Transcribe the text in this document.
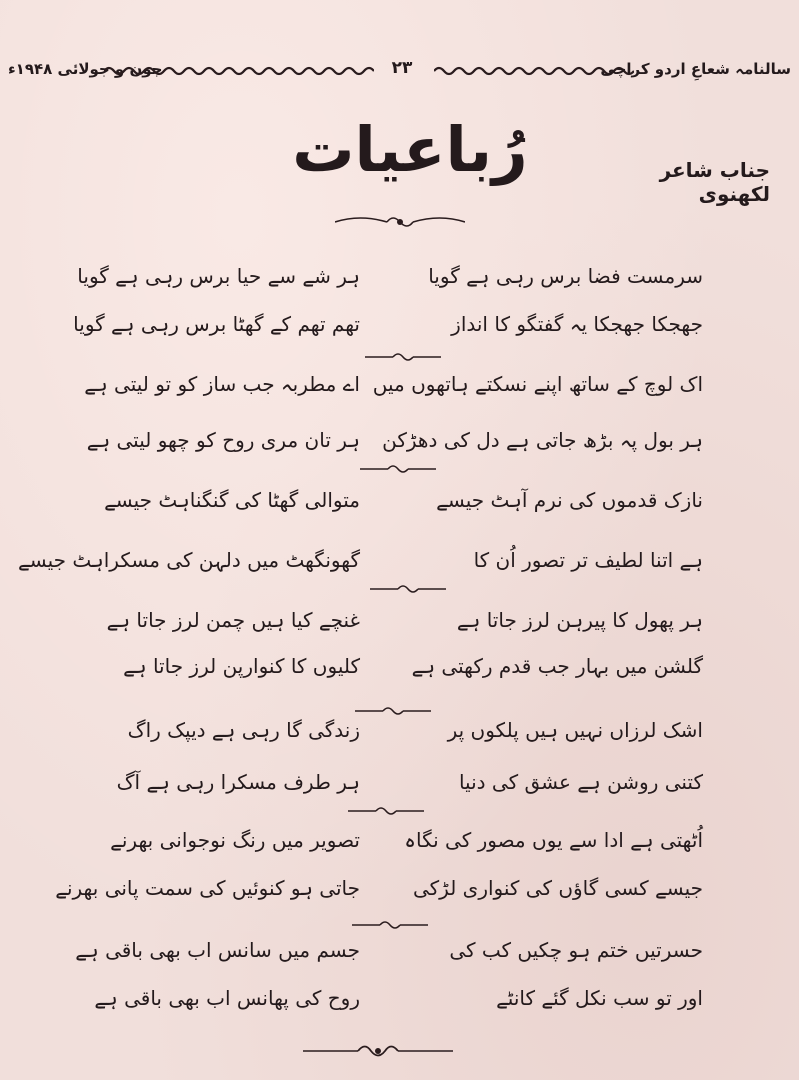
جون و جولائی ۱۹۴۸ء	۲۳	سالنامہ شعاعِ اردو کراچی
رُباعیات	جناب شاعر لکھنوی
سرمست فضا برس رہی ہے گویا
ہر شے سے حیا برس رہی ہے گویا
جھجکا جھجکا یہ گفتگو کا انداز
تھم تھم کے گھٹا برس رہی ہے گویا
اک لوچ کے ساتھ اپنے نسکتے ہاتھوں میں
اے مطربہ جب ساز کو تو لیتی ہے
ہر بول پہ بڑھ جاتی ہے دل کی دھڑکن
ہر تان مری روح کو چھو لیتی ہے
نازک قدموں کی نرم آہٹ جیسے
متوالی گھٹا کی گنگناہٹ جیسے
ہے اتنا لطیف تر تصور اُن کا
گھونگھٹ میں دلہن کی مسکراہٹ جیسے
ہر پھول کا پیرہن لرز جاتا ہے
غنچے کیا ہیں چمن لرز جاتا ہے
گلشن میں بہار جب قدم رکھتی ہے
کلیوں کا کنوارپن لرز جاتا ہے
اشک لرزاں نہیں ہیں پلکوں پر
زندگی گا رہی ہے دیپک راگ
کتنی روشن ہے عشق کی دنیا
ہر طرف مسکرا رہی ہے آگ
اُٹھتی ہے ادا سے یوں مصور کی نگاہ
تصویر میں رنگ نوجوانی بھرنے
جیسے کسی گاؤں کی کنواری لڑکی
جاتی ہو کنوئیں کی سمت پانی بھرنے
حسرتیں ختم ہو چکیں کب کی
جسم میں سانس اب بھی باقی ہے
اور تو سب نکل گئے کانٹے
روح کی پھانس اب بھی باقی ہے
